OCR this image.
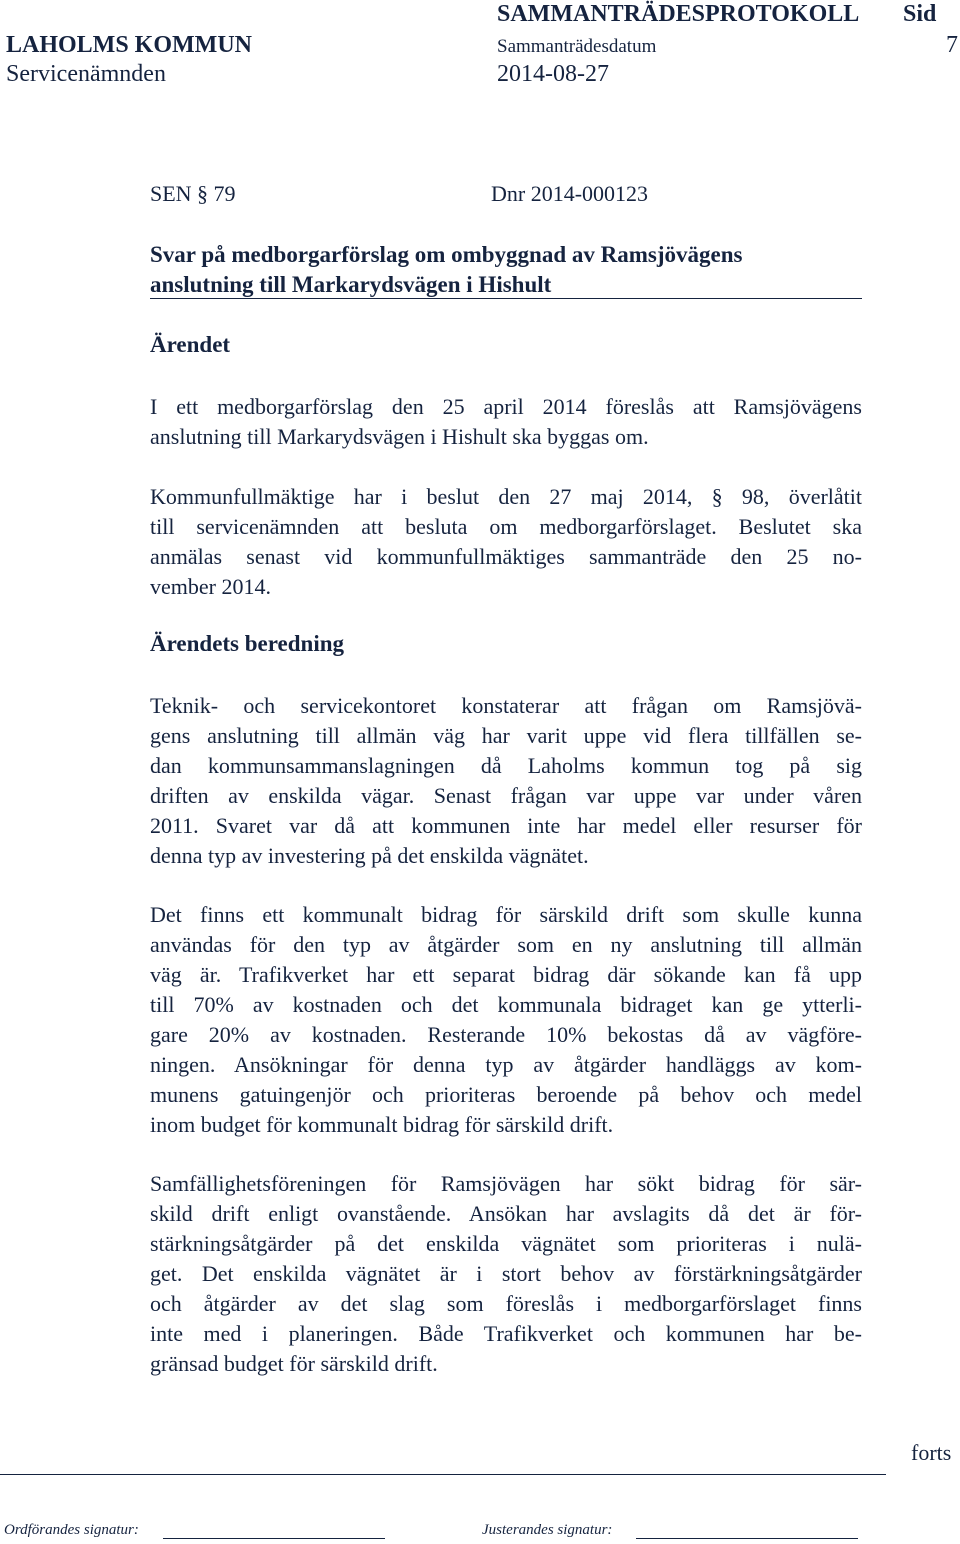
SAMMANTRÄDESPROTOKOLL Sid
LAHOLMS KOMMUN	Sammanträdesdatum	7
Servicenämnden	2014-08-27
SEN § 79	Dnr 2014-000123
Svar på medborgarförslag om ombyggnad av Ramsjövägens
anslutning till Markarydsvägen i Hishult
Ärendet
I ett medborgarförslag den 25 april 2014 föreslås att Ramsjövägens
anslutning till Markarydsvägen i Hishult ska byggas om.
Kommunfullmäktige har i beslut den 27 maj 2014, § 98, överlåtit
till servicenämnden att besluta om medborgarförslaget. Beslutet ska
anmälas senast vid kommunfullmäktiges sammanträde den 25 no-
vember 2014.
Ärendets beredning
Teknik- och servicekontoret konstaterar att frågan om Ramsjövä-
gens anslutning till allmän väg har varit uppe vid flera tillfällen se-
dan kommunsammanslagningen då Laholms kommun tog på sig
driften av enskilda vägar. Senast frågan var uppe var under våren
2011. Svaret var då att kommunen inte har medel eller resurser för
denna typ av investering på det enskilda vägnätet.
Det finns ett kommunalt bidrag för särskild drift som skulle kunna
användas för den typ av åtgärder som en ny anslutning till allmän
väg är. Trafikverket har ett separat bidrag där sökande kan få upp
till 70% av kostnaden och det kommunala bidraget kan ge ytterli-
gare 20% av kostnaden. Resterande 10% bekostas då av vägföre-
ningen. Ansökningar för denna typ av åtgärder handläggs av kom-
munens gatuingenjör och prioriteras beroende på behov och medel
inom budget för kommunalt bidrag för särskild drift.
Samfällighetsföreningen för Ramsjövägen har sökt bidrag för sär-
skild drift enligt ovanstående. Ansökan har avslagits då det är för-
stärkningsåtgärder på det enskilda vägnätet som prioriteras i nulä-
get. Det enskilda vägnätet är i stort behov av förstärkningsåtgärder
och åtgärder av det slag som föreslås i medborgarförslaget finns
inte med i planeringen. Både Trafikverket och kommunen har be-
gränsad budget för särskild drift.
forts
Ordförandes signatur:	Justerandes signatur:
